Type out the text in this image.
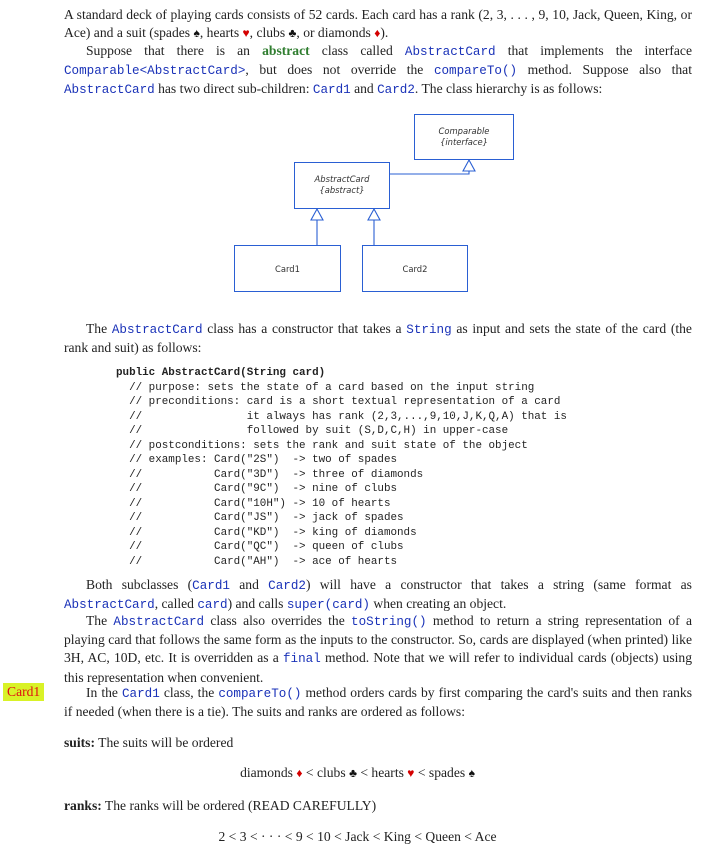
A standard deck of playing cards consists of 52 cards. Each card has a rank (2, 3, . . . , 9, 10, Jack, Queen, King, or Ace) and a suit (spades ♠, hearts ♥, clubs ♣, or diamonds ♦).
Suppose that there is an abstract class called AbstractCard that implements the interface Comparable<AbstractCard>, but does not override the compareTo() method. Suppose also that AbstractCard has two direct sub-children: Card1 and Card2. The class hierarchy is as follows:
Comparable
{interface}
AbstractCard
{abstract}
Card1	Card2
The AbstractCard class has a constructor that takes a String as input and sets the state of the card (the rank and suit) as follows:
public AbstractCard(String card)
// purpose: sets the state of a card based on the input string
// preconditions: card is a short textual representation of a card
//                it always has rank (2,3,...,9,10,J,K,Q,A) that is
//                followed by suit (S,D,C,H) in upper-case
// postconditions: sets the rank and suit state of the object
// examples: Card("2S")  -> two of spades
//           Card("3D")  -> three of diamonds
//           Card("9C")  -> nine of clubs
//           Card("10H") -> 10 of hearts
//           Card("JS")  -> jack of spades
//           Card("KD")  -> king of diamonds
//           Card("QC")  -> queen of clubs
//           Card("AH")  -> ace of hearts
Both subclasses (Card1 and Card2) will have a constructor that takes a string (same format as AbstractCard, called card) and calls super(card) when creating an object.
The AbstractCard class also overrides the toString() method to return a string representation of a playing card that follows the same form as the inputs to the constructor. So, cards are displayed (when printed) like 3H, AC, 10D, etc. It is overridden as a final method. Note that we will refer to individual cards (objects) using this representation when convenient.
Card1	In the Card1 class, the compareTo() method orders cards by first comparing the card's suits and then ranks if needed (when there is a tie). The suits and ranks are ordered as follows:
suits: The suits will be ordered
diamonds ♦ < clubs ♣ < hearts ♥ < spades ♠
ranks: The ranks will be ordered (READ CAREFULLY)
2 < 3 < · · · < 9 < 10 < Jack < King < Queen < Ace
